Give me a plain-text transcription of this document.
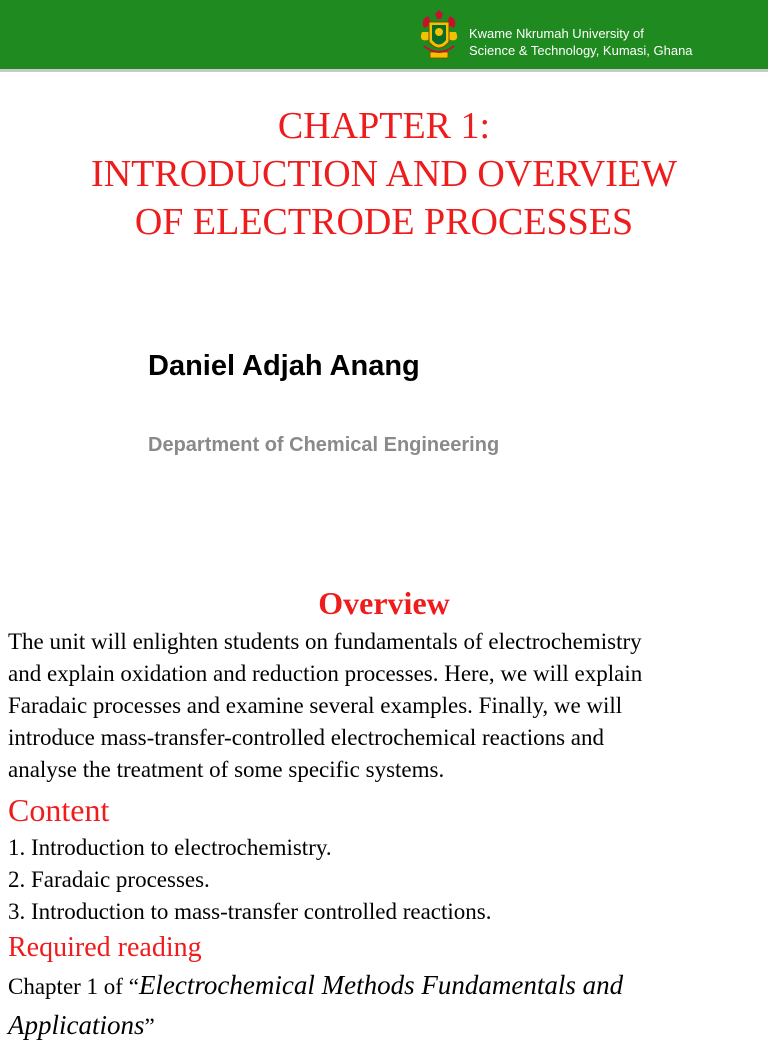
Kwame Nkrumah University of
Science & Technology, Kumasi, Ghana
CHAPTER 1:
INTRODUCTION AND OVERVIEW
OF ELECTRODE PROCESSES
Daniel Adjah Anang
Department of Chemical Engineering
Overview
The unit will enlighten students on fundamentals of electrochemistry
and explain oxidation and reduction processes. Here, we will explain
Faradaic processes and examine several examples. Finally, we will
introduce mass-transfer-controlled electrochemical reactions and
analyse the treatment of some specific systems.
Content
1. Introduction to electrochemistry.
2. Faradaic processes.
3. Introduction to mass-transfer controlled reactions.
Required reading
Chapter 1 of “Electrochemical Methods Fundamentals and Applications”
